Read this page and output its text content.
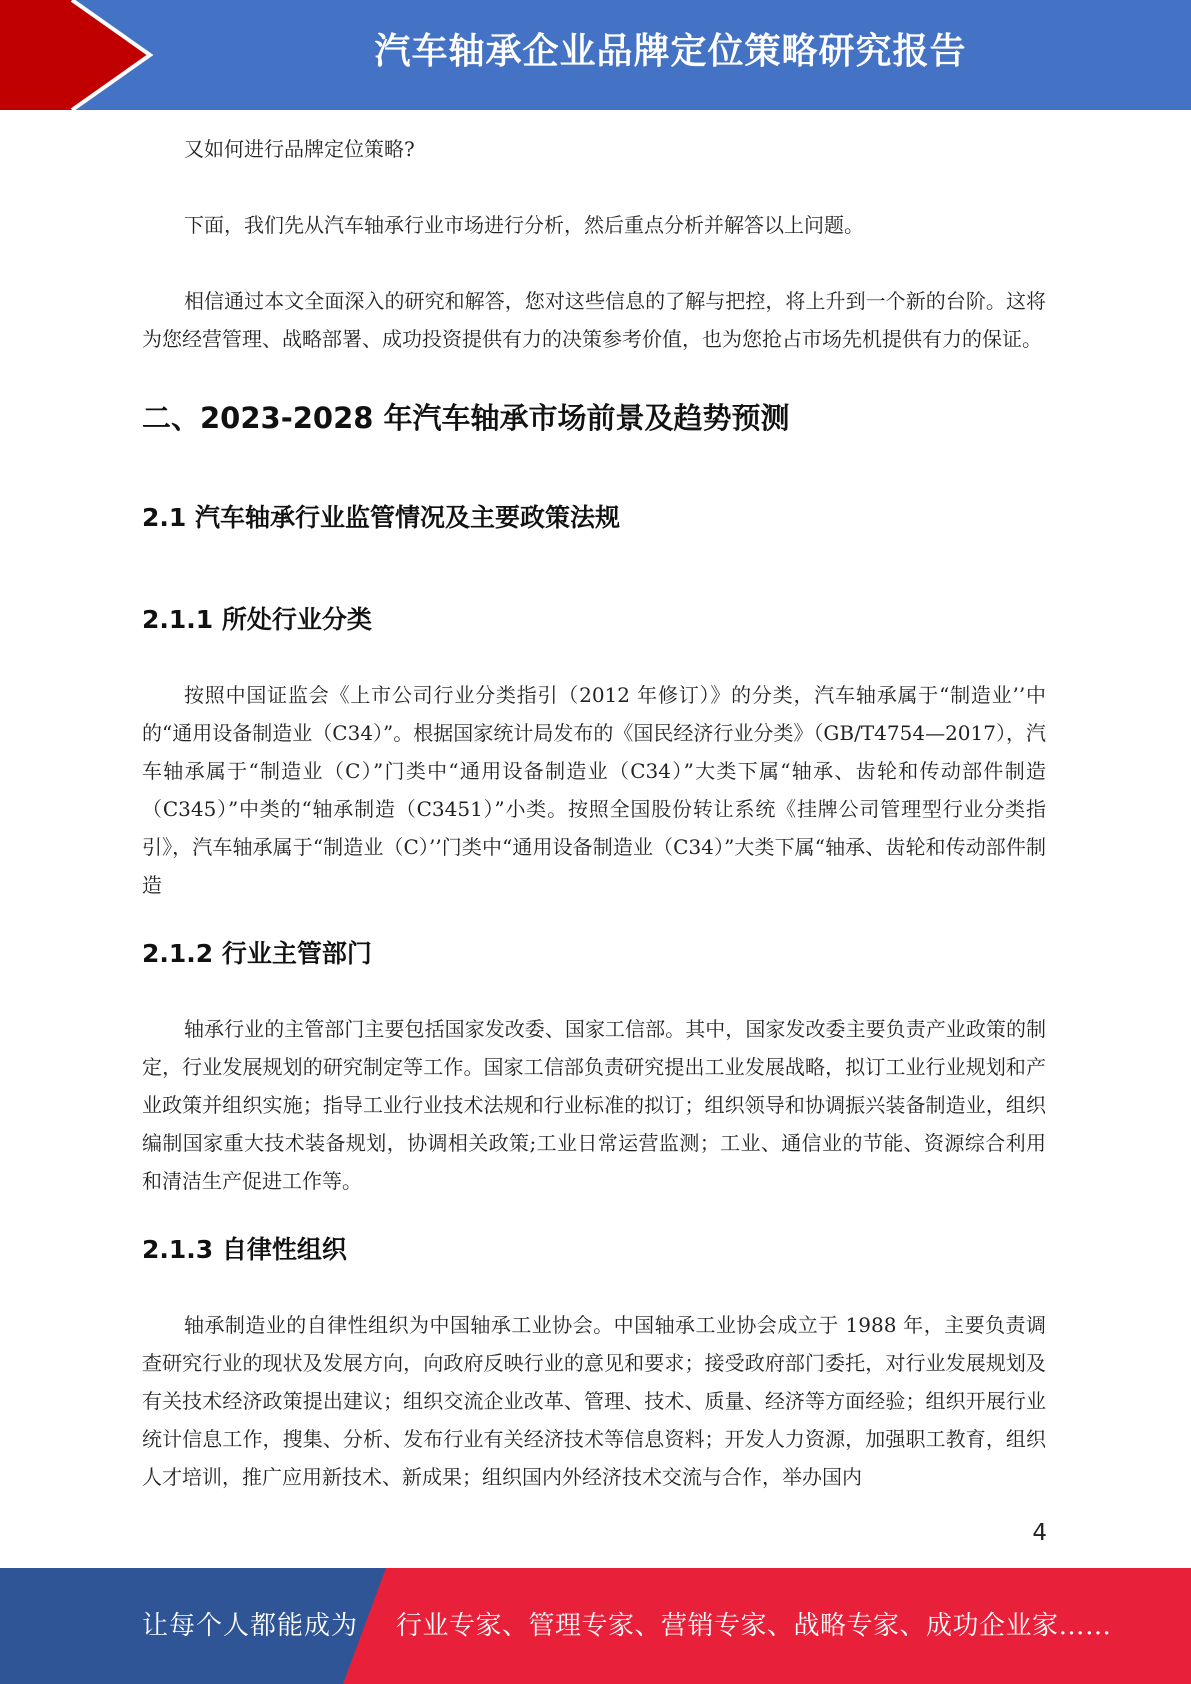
汽车轴承企业品牌定位策略研究报告

又如何进行品牌定位策略?

下面，我们先从汽车轴承行业市场进行分析，然后重点分析并解答以上问题。

相信通过本文全面深入的研究和解答，您对这些信息的了解与把控，将上升到一个新的台阶。这将为您经营管理、战略部署、成功投资提供有力的决策参考价值，也为您抢占市场先机提供有力的保证。

二、2023-2028 年汽车轴承市场前景及趋势预测
2.1 汽车轴承行业监管情况及主要政策法规
2.1.1 所处行业分类

按照中国证监会《上市公司行业分类指引（2012 年修订）》的分类，汽车轴承属于“制造业’’中的“通用设备制造业（C34）”。根据国家统计局发布的《国民经济行业分类》（GB/T4754—2017），汽车轴承属于“制造业（C）”门类中“通用设备制造业（C34）”大类下属“轴承、齿轮和传动部件制造（C345）”中类的“轴承制造（C3451）”小类。按照全国股份转让系统《挂牌公司管理型行业分类指引》，汽车轴承属于“制造业（C）’’门类中“通用设备制造业（C34）”大类下属“轴承、齿轮和传动部件制造

2.1.2 行业主管部门

轴承行业的主管部门主要包括国家发改委、国家工信部。其中，国家发改委主要负责产业政策的制定，行业发展规划的研究制定等工作。国家工信部负责研究提出工业发展战略，拟订工业行业规划和产业政策并组织实施；指导工业行业技术法规和行业标准的拟订；组织领导和协调振兴装备制造业，组织编制国家重大技术装备规划，协调相关政策;工业日常运营监测；工业、通信业的节能、资源综合利用和清洁生产促进工作等。

2.1.3 自律性组织

轴承制造业的自律性组织为中国轴承工业协会。中国轴承工业协会成立于 1988 年，主要负责调查研究行业的现状及发展方向，向政府反映行业的意见和要求；接受政府部门委托，对行业发展规划及有关技术经济政策提出建议；组织交流企业改革、管理、技术、质量、经济等方面经验；组织开展行业统计信息工作，搜集、分析、发布行业有关经济技术等信息资料；开发人力资源，加强职工教育，组织人才培训，推广应用新技术、新成果；组织国内外经济技术交流与合作，举办国内

4
让每个人都能成为 行业专家、管理专家、营销专家、战略专家、成功企业家……
